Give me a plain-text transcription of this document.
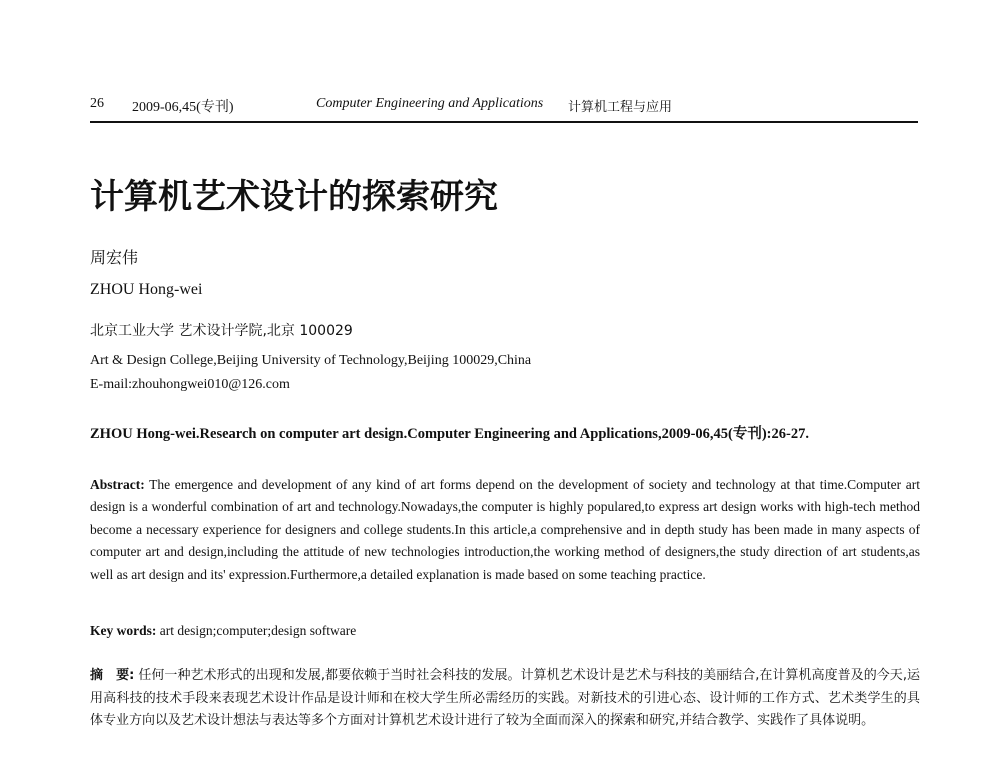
26 2009-06,45(专刊)	Computer Engineering and Applications 计算机工程与应用
计算机艺术设计的探索研究
周宏伟
ZHOU Hong-wei
北京工业大学 艺术设计学院,北京 100029
Art & Design College,Beijing University of Technology,Beijing 100029,China
E-mail:zhouhongwei010@126.com
ZHOU Hong-wei.Research on computer art design.Computer Engineering and Applications,2009-06,45(专刊):26-27.
Abstract: The emergence and development of any kind of art forms depend on the development of society and technology at that time.Computer art design is a wonderful combination of art and technology.Nowadays,the computer is highly populared,to express art design works with high-tech method become a necessary experience for designers and college students.In this article,a comprehensive and in depth study has been made in many aspects of computer art and design,including the attitude of new technologies introduction,the working method of designers,the study direction of art students,as well as art design and its' expression.Furthermore,a detailed explanation is made based on some teaching practice.
Key words: art design;computer;design software
摘　要: 任何一种艺术形式的出现和发展,都要依赖于当时社会科技的发展。计算机艺术设计是艺术与科技的美丽结合,在计算机高度普及的今天,运用高科技的技术手段来表现艺术设计作品是设计师和在校大学生所必需经历的实践。对新技术的引进心态、设计师的工作方式、艺术类学生的具体专业方向以及艺术设计想法与表达等多个方面对计算机艺术设计进行了较为全面而深入的探索和研究,并结合教学、实践作了具体说明。
